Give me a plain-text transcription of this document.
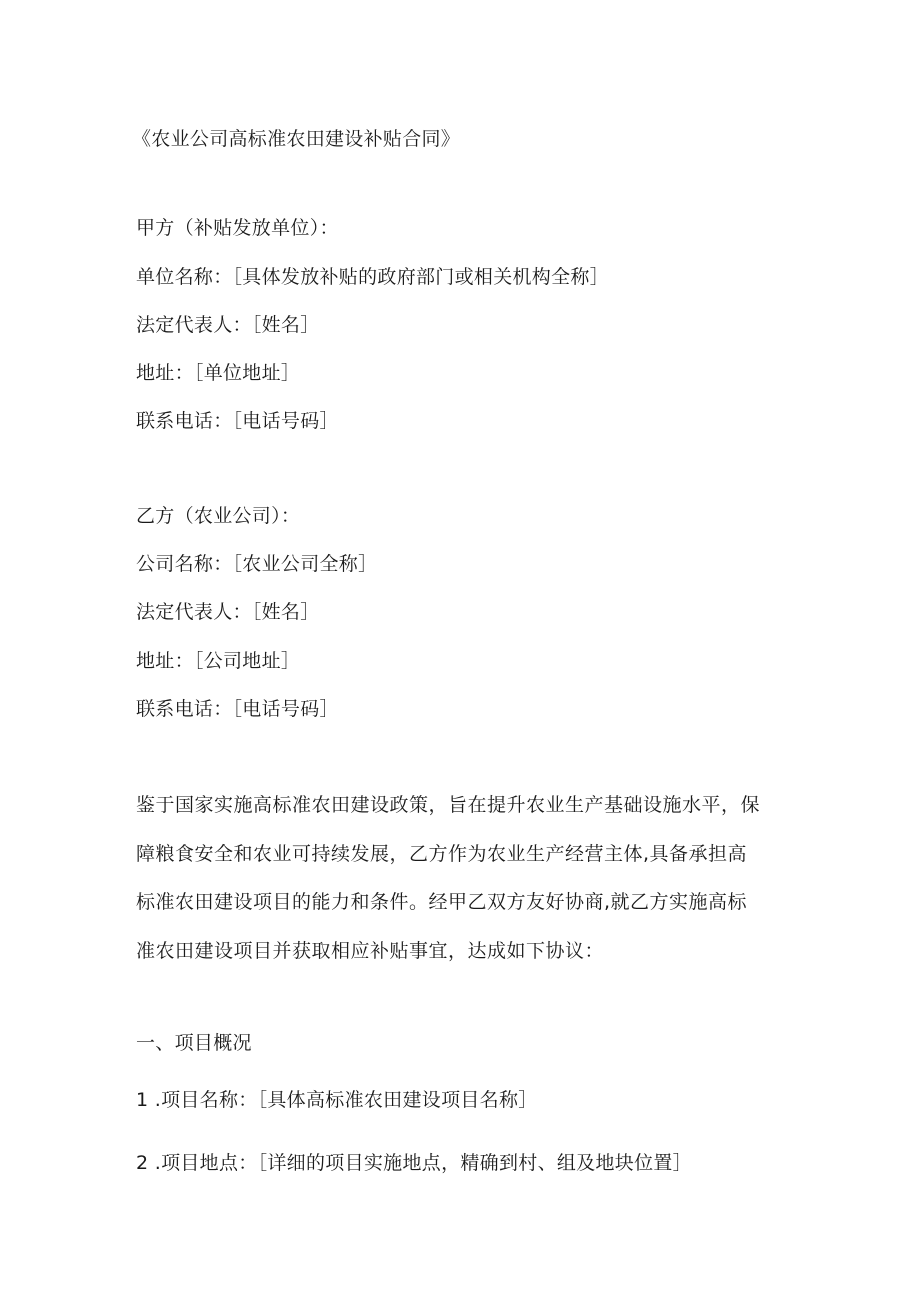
《农业公司高标准农田建设补贴合同》
甲方（补贴发放单位）：
单位名称：［具体发放补贴的政府部门或相关机构全称］
法定代表人：［姓名］
地址：［单位地址］
联系电话：［电话号码］
乙方（农业公司）：
公司名称：［农业公司全称］
法定代表人：［姓名］
地址：［公司地址］
联系电话：［电话号码］
鉴于国家实施高标准农田建设政策，旨在提升农业生产基础设施水平，保
障粮食安全和农业可持续发展，乙方作为农业生产经营主体,具备承担高
标准农田建设项目的能力和条件。经甲乙双方友好协商,就乙方实施高标
准农田建设项目并获取相应补贴事宜，达成如下协议：
一、项目概况
1 .项目名称：［具体高标准农田建设项目名称］
2 .项目地点：［详细的项目实施地点，精确到村、组及地块位置］
